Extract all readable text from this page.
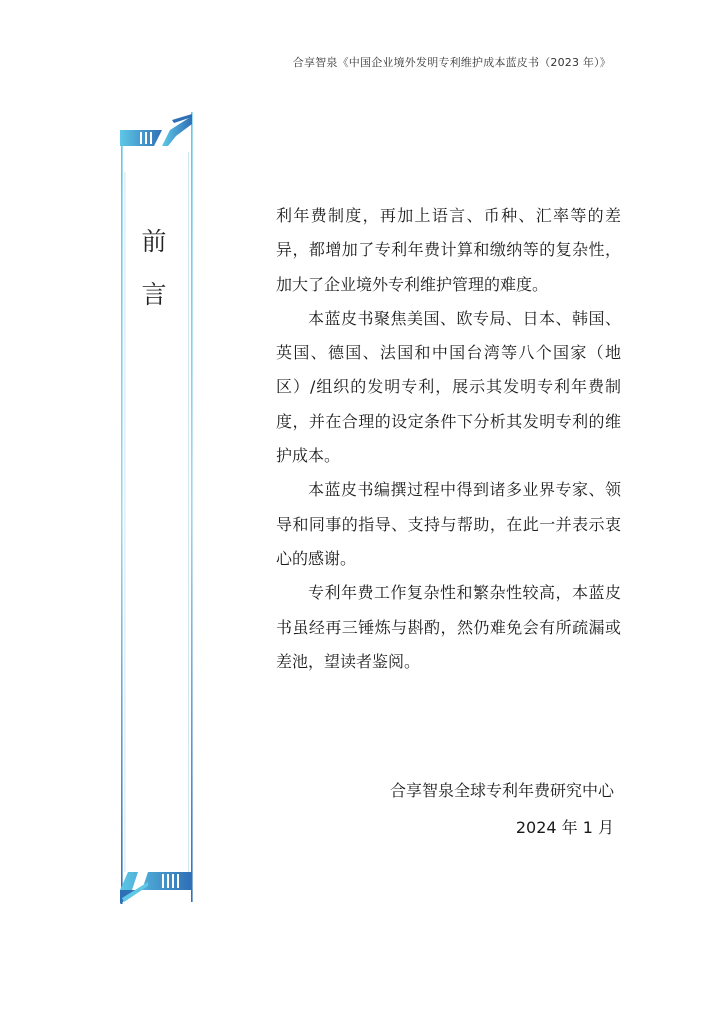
合享智泉《中国企业境外发明专利维护成本蓝皮书（2023 年）》
前
言

利年费制度，再加上语言、币种、汇率等的差异，都增加了专利年费计算和缴纳等的复杂性，加大了企业境外专利维护管理的难度。

本蓝皮书聚焦美国、欧专局、日本、韩国、英国、德国、法国和中国台湾等八个国家（地区）/组织的发明专利，展示其发明专利年费制度，并在合理的设定条件下分析其发明专利的维护成本。

本蓝皮书编撰过程中得到诸多业界专家、领导和同事的指导、支持与帮助，在此一并表示衷心的感谢。

专利年费工作复杂性和繁杂性较高，本蓝皮书虽经再三锤炼与斟酌，然仍难免会有所疏漏或差池，望读者鉴阅。

合享智泉全球专利年费研究中心
2024 年 1 月
